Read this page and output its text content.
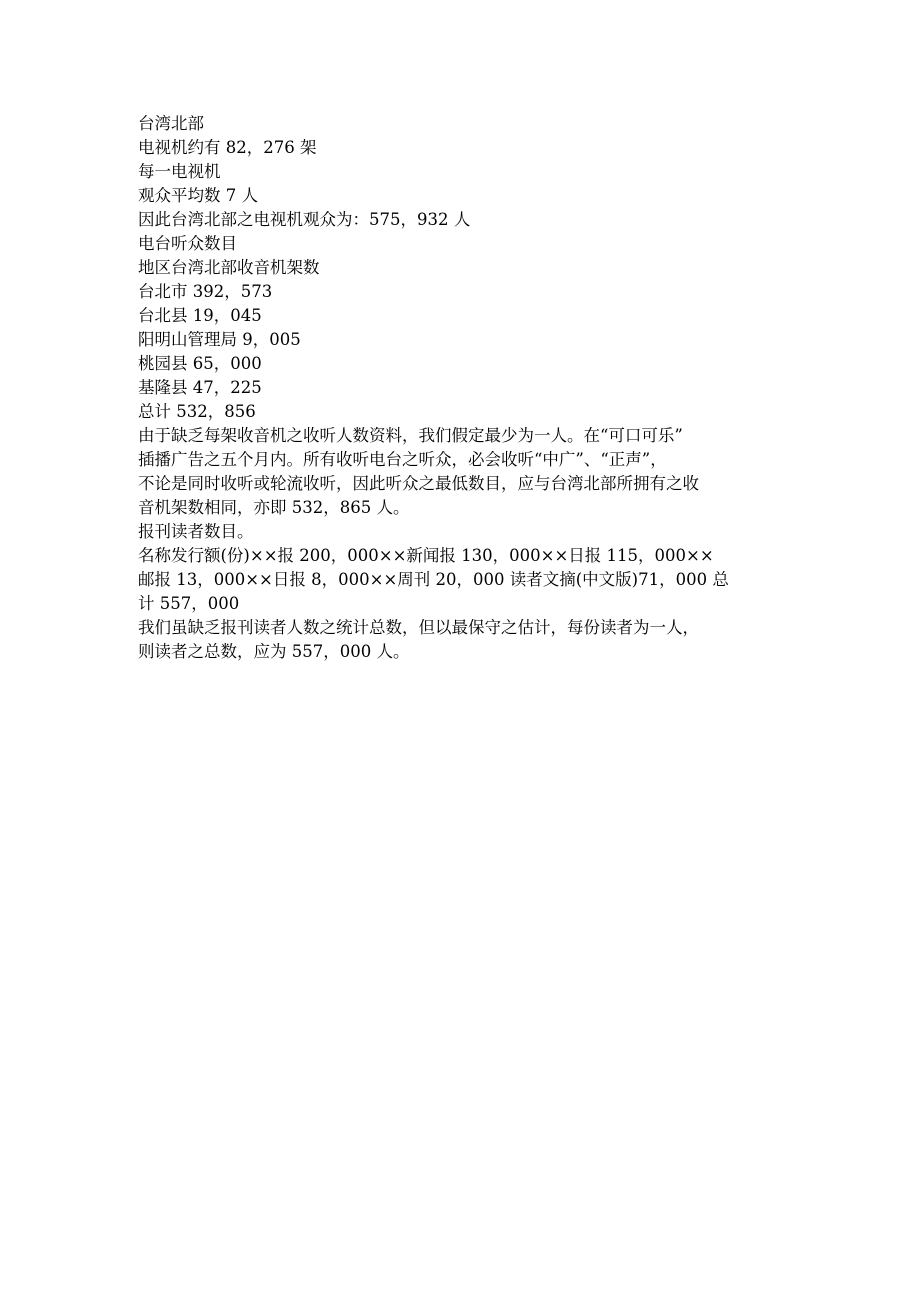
台湾北部
电视机约有 82，276 架
每一电视机
观众平均数 7 人
因此台湾北部之电视机观众为：575，932 人
电台听众数目
地区台湾北部收音机架数
台北市 392，573
台北县 19，045
阳明山管理局 9，005
桃园县 65，000
基隆县 47，225
总计 532，856
由于缺乏每架收音机之收听人数资料，我们假定最少为一人。在“可口可乐”
插播广告之五个月内。所有收听电台之听众，必会收听“中广”、“正声”，
不论是同时收听或轮流收听，因此听众之最低数目，应与台湾北部所拥有之收
音机架数相同，亦即 532，865 人。
报刊读者数目。
名称发行额(份)××报 200，000××新闻报 130，000××日报 115，000××
邮报 13，000××日报 8，000××周刊 20，000 读者文摘(中文版)71，000 总
计 557，000
我们虽缺乏报刊读者人数之统计总数，但以最保守之估计，每份读者为一人，
则读者之总数，应为 557，000 人。
